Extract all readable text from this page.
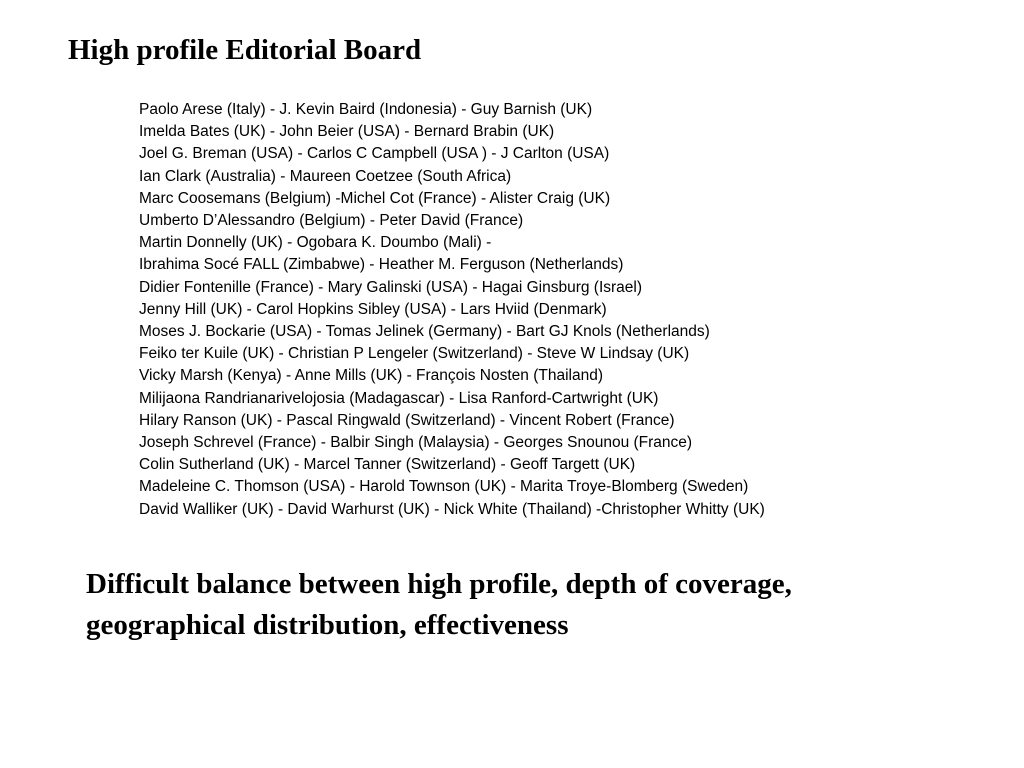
High profile Editorial Board
Paolo Arese (Italy) - J. Kevin Baird (Indonesia) - Guy Barnish (UK)
Imelda Bates (UK) - John Beier (USA) - Bernard Brabin (UK)
Joel G. Breman (USA) - Carlos C Campbell (USA ) - J Carlton (USA)
Ian Clark (Australia) - Maureen Coetzee (South Africa)
Marc Coosemans (Belgium) -Michel Cot (France) - Alister Craig (UK)
Umberto D’Alessandro (Belgium) - Peter David (France)
Martin Donnelly (UK) - Ogobara K. Doumbo (Mali) -
Ibrahima Socé FALL (Zimbabwe) - Heather M. Ferguson (Netherlands)
Didier Fontenille (France) - Mary Galinski (USA) - Hagai Ginsburg (Israel)
Jenny Hill (UK) - Carol Hopkins Sibley (USA) - Lars Hviid (Denmark)
Moses J. Bockarie (USA) - Tomas Jelinek (Germany) - Bart GJ Knols (Netherlands)
Feiko ter Kuile (UK) - Christian P Lengeler (Switzerland) - Steve W Lindsay (UK)
Vicky Marsh (Kenya) - Anne Mills (UK) - François Nosten (Thailand)
Milijaona Randrianarivelojosia (Madagascar) - Lisa Ranford-Cartwright (UK)
Hilary Ranson (UK) - Pascal Ringwald (Switzerland) - Vincent Robert (France)
Joseph Schrevel (France) - Balbir Singh (Malaysia) - Georges Snounou (France)
Colin Sutherland (UK) - Marcel Tanner (Switzerland) - Geoff Targett (UK)
Madeleine C. Thomson (USA) - Harold Townson (UK) - Marita Troye-Blomberg (Sweden)
David Walliker (UK) - David Warhurst (UK) - Nick White (Thailand) -Christopher Whitty (UK)

Difficult balance between high profile, depth of coverage,
geographical distribution, effectiveness
